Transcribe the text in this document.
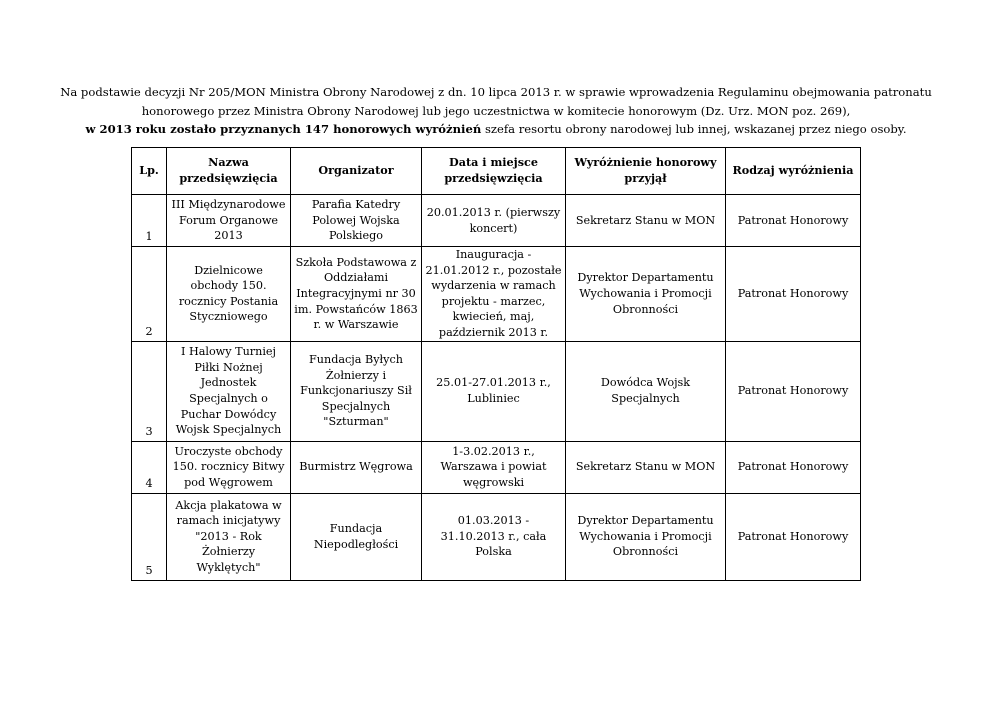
Na podstawie decyzji Nr 205/MON Ministra Obrony Narodowej z dn. 10 lipca 2013 r. w sprawie wprowadzenia Regulaminu obejmowania patronatu

honorowego przez Ministra Obrony Narodowej lub jego uczestnictwa w komitecie honorowym (Dz. Urz. MON poz. 269),

w 2013 roku zostało przyznanych 147 honorowych wyróżnień szefa resortu obrony narodowej lub innej, wskazanej przez niego osoby.

Lp.	Nazwa przedsięwzięcia	Organizator	Data i miejsce przedsięwzięcia	Wyróżnienie honorowy przyjął	Rodzaj wyróżnienia
1	III Międzynarodowe Forum Organowe 2013	Parafia Katedry Polowej Wojska Polskiego	20.01.2013 r. (pierwszy koncert)	Sekretarz Stanu w MON	Patronat Honorowy
2	Dzielnicowe obchody 150. rocznicy Postania Styczniowego	Szkoła Podstawowa z Oddziałami Integracyjnymi nr 30 im. Powstańców 1863 r. w Warszawie	Inauguracja - 21.01.2012 r., pozostałe wydarzenia w ramach projektu - marzec, kwiecień, maj, październik 2013 r.	Dyrektor Departamentu Wychowania i Promocji Obronności	Patronat Honorowy
3	I Halowy Turniej Piłki Nożnej Jednostek Specjalnych o Puchar Dowódcy Wojsk Specjalnych	Fundacja Byłych Żołnierzy i Funkcjonariuszy Sił Specjalnych "Szturman"	25.01-27.01.2013 r., Lubliniec	Dowódca Wojsk Specjalnych	Patronat Honorowy
4	Uroczyste obchody 150. rocznicy Bitwy pod Węgrowem	Burmistrz Węgrowa	1-3.02.2013 r., Warszawa i powiat węgrowski	Sekretarz Stanu w MON	Patronat Honorowy
5	Akcja plakatowa w ramach inicjatywy "2013 - Rok Żołnierzy Wyklętych"	Fundacja Niepodległości	01.03.2013 - 31.10.2013 r., cała Polska	Dyrektor Departamentu Wychowania i Promocji Obronności	Patronat Honorowy
